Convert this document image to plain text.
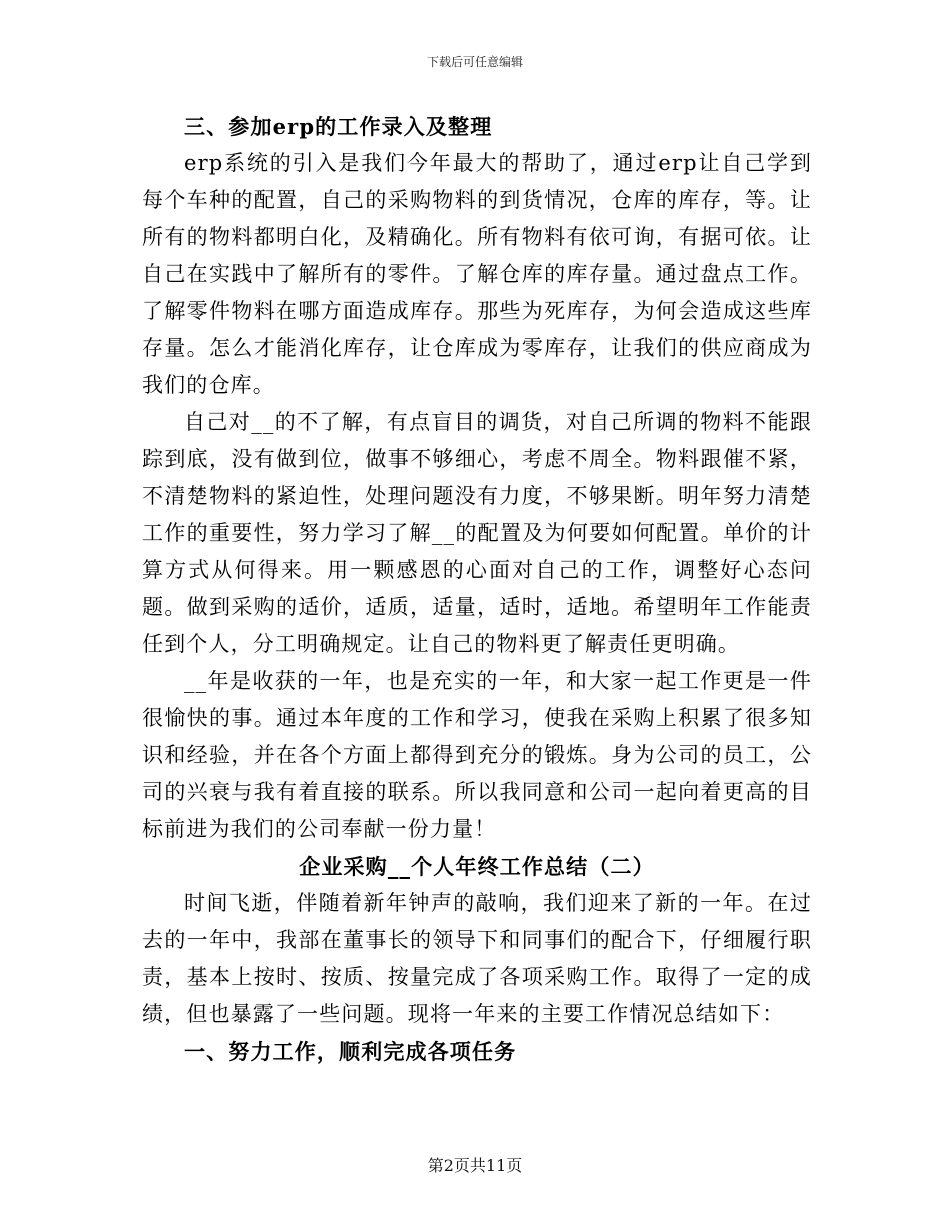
下载后可任意编辑

三、参加erp的工作录入及整理

erp系统的引入是我们今年最大的帮助了，通过erp让自己学到每个车种的配置，自己的采购物料的到货情况，仓库的库存，等。让所有的物料都明白化，及精确化。所有物料有依可询，有据可依。让自己在实践中了解所有的零件。了解仓库的库存量。通过盘点工作。了解零件物料在哪方面造成库存。那些为死库存，为何会造成这些库存量。怎么才能消化库存，让仓库成为零库存，让我们的供应商成为我们的仓库。

自己对__的不了解，有点盲目的调货，对自己所调的物料不能跟踪到底，没有做到位，做事不够细心，考虑不周全。物料跟催不紧，不清楚物料的紧迫性，处理问题没有力度，不够果断。明年努力清楚工作的重要性，努力学习了解__的配置及为何要如何配置。单价的计算方式从何得来。用一颗感恩的心面对自己的工作，调整好心态问题。做到采购的适价，适质，适量，适时，适地。希望明年工作能责任到个人，分工明确规定。让自己的物料更了解责任更明确。

__年是收获的一年，也是充实的一年，和大家一起工作更是一件很愉快的事。通过本年度的工作和学习，使我在采购上积累了很多知识和经验，并在各个方面上都得到充分的锻炼。身为公司的员工，公司的兴衰与我有着直接的联系。所以我同意和公司一起向着更高的目标前进为我们的公司奉献一份力量！

企业采购__个人年终工作总结（二）

时间飞逝，伴随着新年钟声的敲响，我们迎来了新的一年。在过去的一年中，我部在董事长的领导下和同事们的配合下，仔细履行职责，基本上按时、按质、按量完成了各项采购工作。取得了一定的成绩，但也暴露了一些问题。现将一年来的主要工作情况总结如下：

一、努力工作，顺利完成各项任务

第2页共11页
